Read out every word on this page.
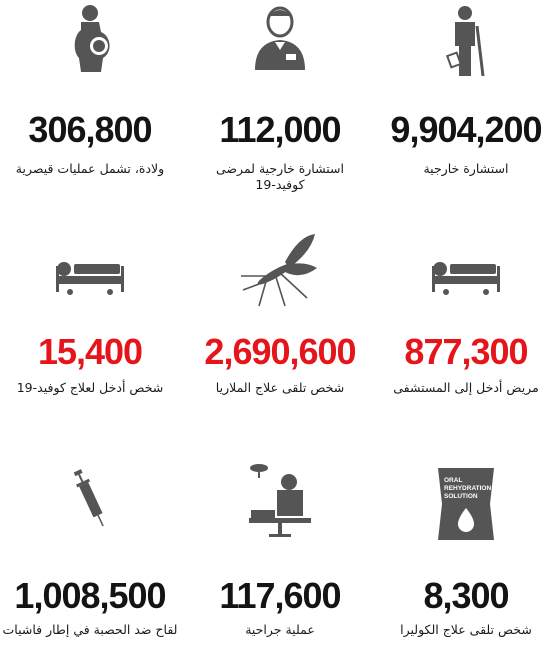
306,800
ولادة، تشمل عمليات قيصرية
112,000
استشارة خارجية لمرضى كوفيد-19
9,904,200
استشارة خارجية
15,400
شخص أدخل لعلاج كوفيد-19
2,690,600
شخص تلقى علاج الملاريا
877,300
مريض أدخل إلى المستشفى
1,008,500
لقاح ضد الحصبة في إطار فاشيات
117,600
عملية جراحية
ORAL
REHYDRATION
SOLUTION
8,300
شخص تلقى علاج الكوليرا
